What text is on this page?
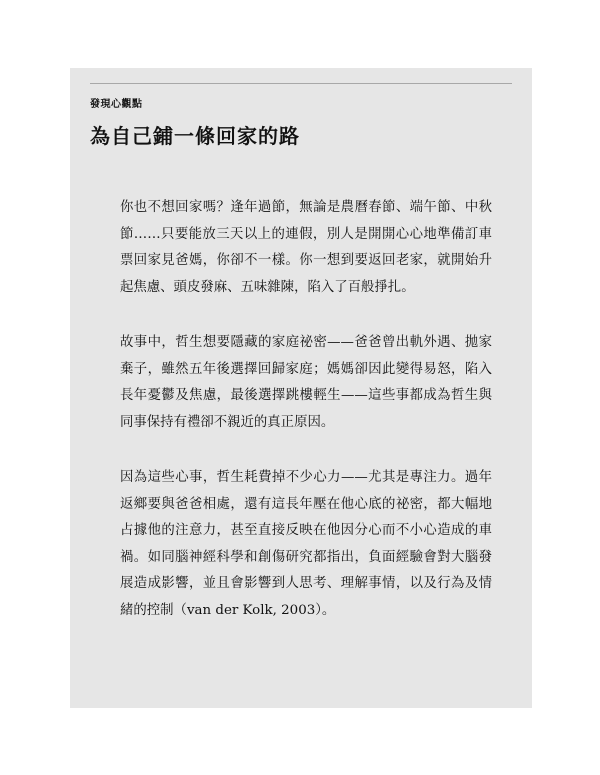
發現心觀點
為自己鋪一條回家的路

你也不想回家嗎？逢年過節，無論是農曆春節、端午節、中秋節……只要能放三天以上的連假，別人是開開心心地準備訂車票回家見爸媽，你卻不一樣。你一想到要返回老家，就開始升起焦慮、頭皮發麻、五味雜陳，陷入了百般掙扎。

故事中，哲生想要隱藏的家庭祕密——爸爸曾出軌外遇、拋家棄子，雖然五年後選擇回歸家庭；媽媽卻因此變得易怒，陷入長年憂鬱及焦慮，最後選擇跳樓輕生——這些事都成為哲生與同事保持有禮卻不親近的真正原因。

因為這些心事，哲生耗費掉不少心力——尤其是專注力。過年返鄉要與爸爸相處，還有這長年壓在他心底的祕密，都大幅地占據他的注意力，甚至直接反映在他因分心而不小心造成的車禍。如同腦神經科學和創傷研究都指出，負面經驗會對大腦發展造成影響，並且會影響到人思考、理解事情，以及行為及情緒的控制（van der Kolk, 2003）。
